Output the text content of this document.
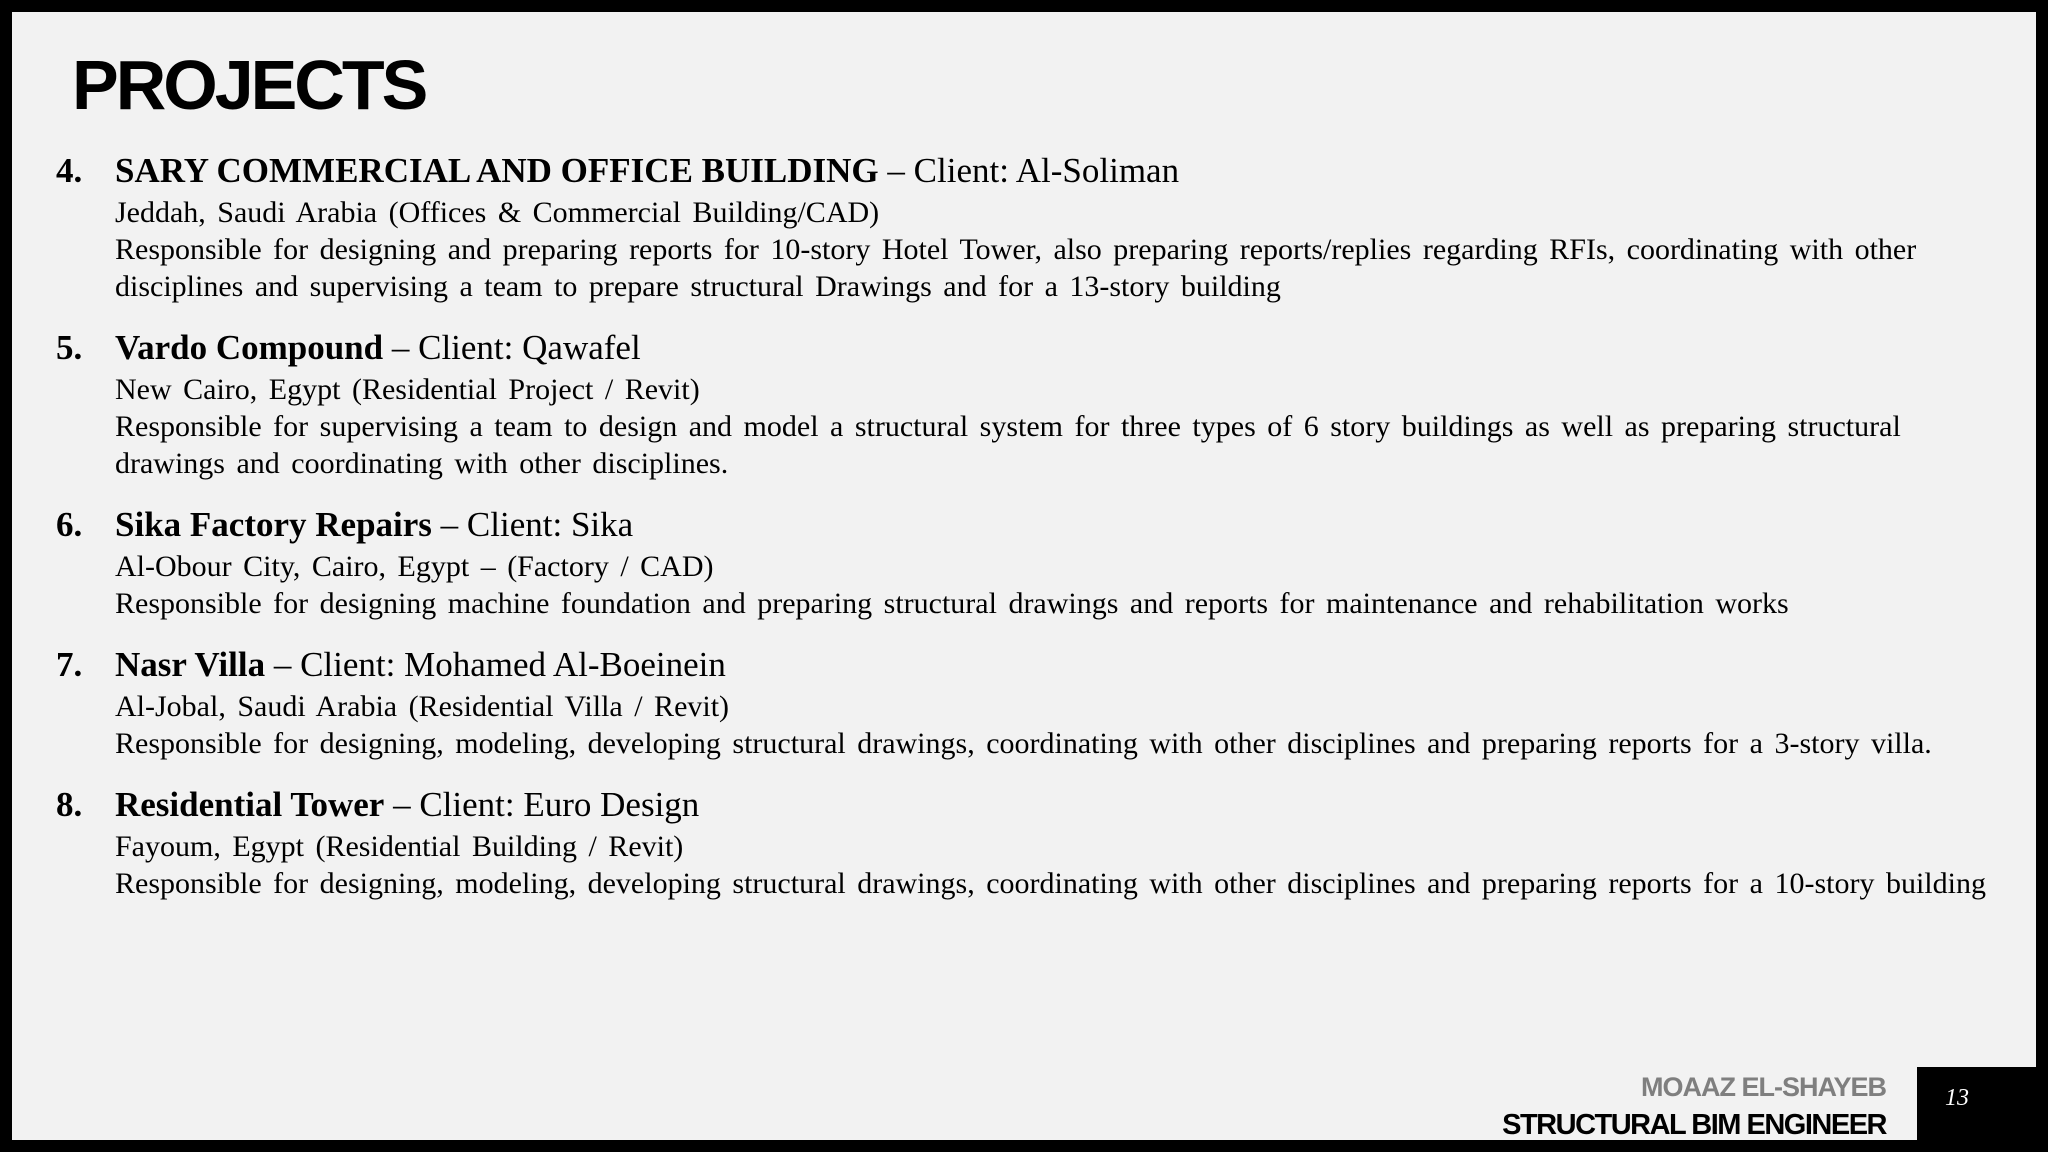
PROJECTS
4. SARY COMMERCIAL AND OFFICE BUILDING – Client: Al-Soliman
Jeddah, Saudi Arabia (Offices & Commercial Building/CAD)
Responsible for designing and preparing reports for 10-story Hotel Tower, also preparing reports/replies regarding RFIs, coordinating with other disciplines and supervising a team to prepare structural Drawings and for a 13-story building
5. Vardo Compound – Client: Qawafel
New Cairo, Egypt (Residential Project / Revit)
Responsible for supervising a team to design and model a structural system for three types of 6 story buildings as well as preparing structural drawings and coordinating with other disciplines.
6. Sika Factory Repairs – Client: Sika
Al-Obour City, Cairo, Egypt – (Factory / CAD)
Responsible for designing machine foundation and preparing structural drawings and reports for maintenance and rehabilitation works
7. Nasr Villa – Client: Mohamed Al-Boeinein
Al-Jobal, Saudi Arabia (Residential Villa / Revit)
Responsible for designing, modeling, developing structural drawings, coordinating with other disciplines and preparing reports for a 3-story villa.
8. Residential Tower – Client: Euro Design
Fayoum, Egypt (Residential Building / Revit)
Responsible for designing, modeling, developing structural drawings, coordinating with other disciplines and preparing reports for a 10-story building
MOAAZ EL-SHAYEB
STRUCTURAL BIM ENGINEER
13
